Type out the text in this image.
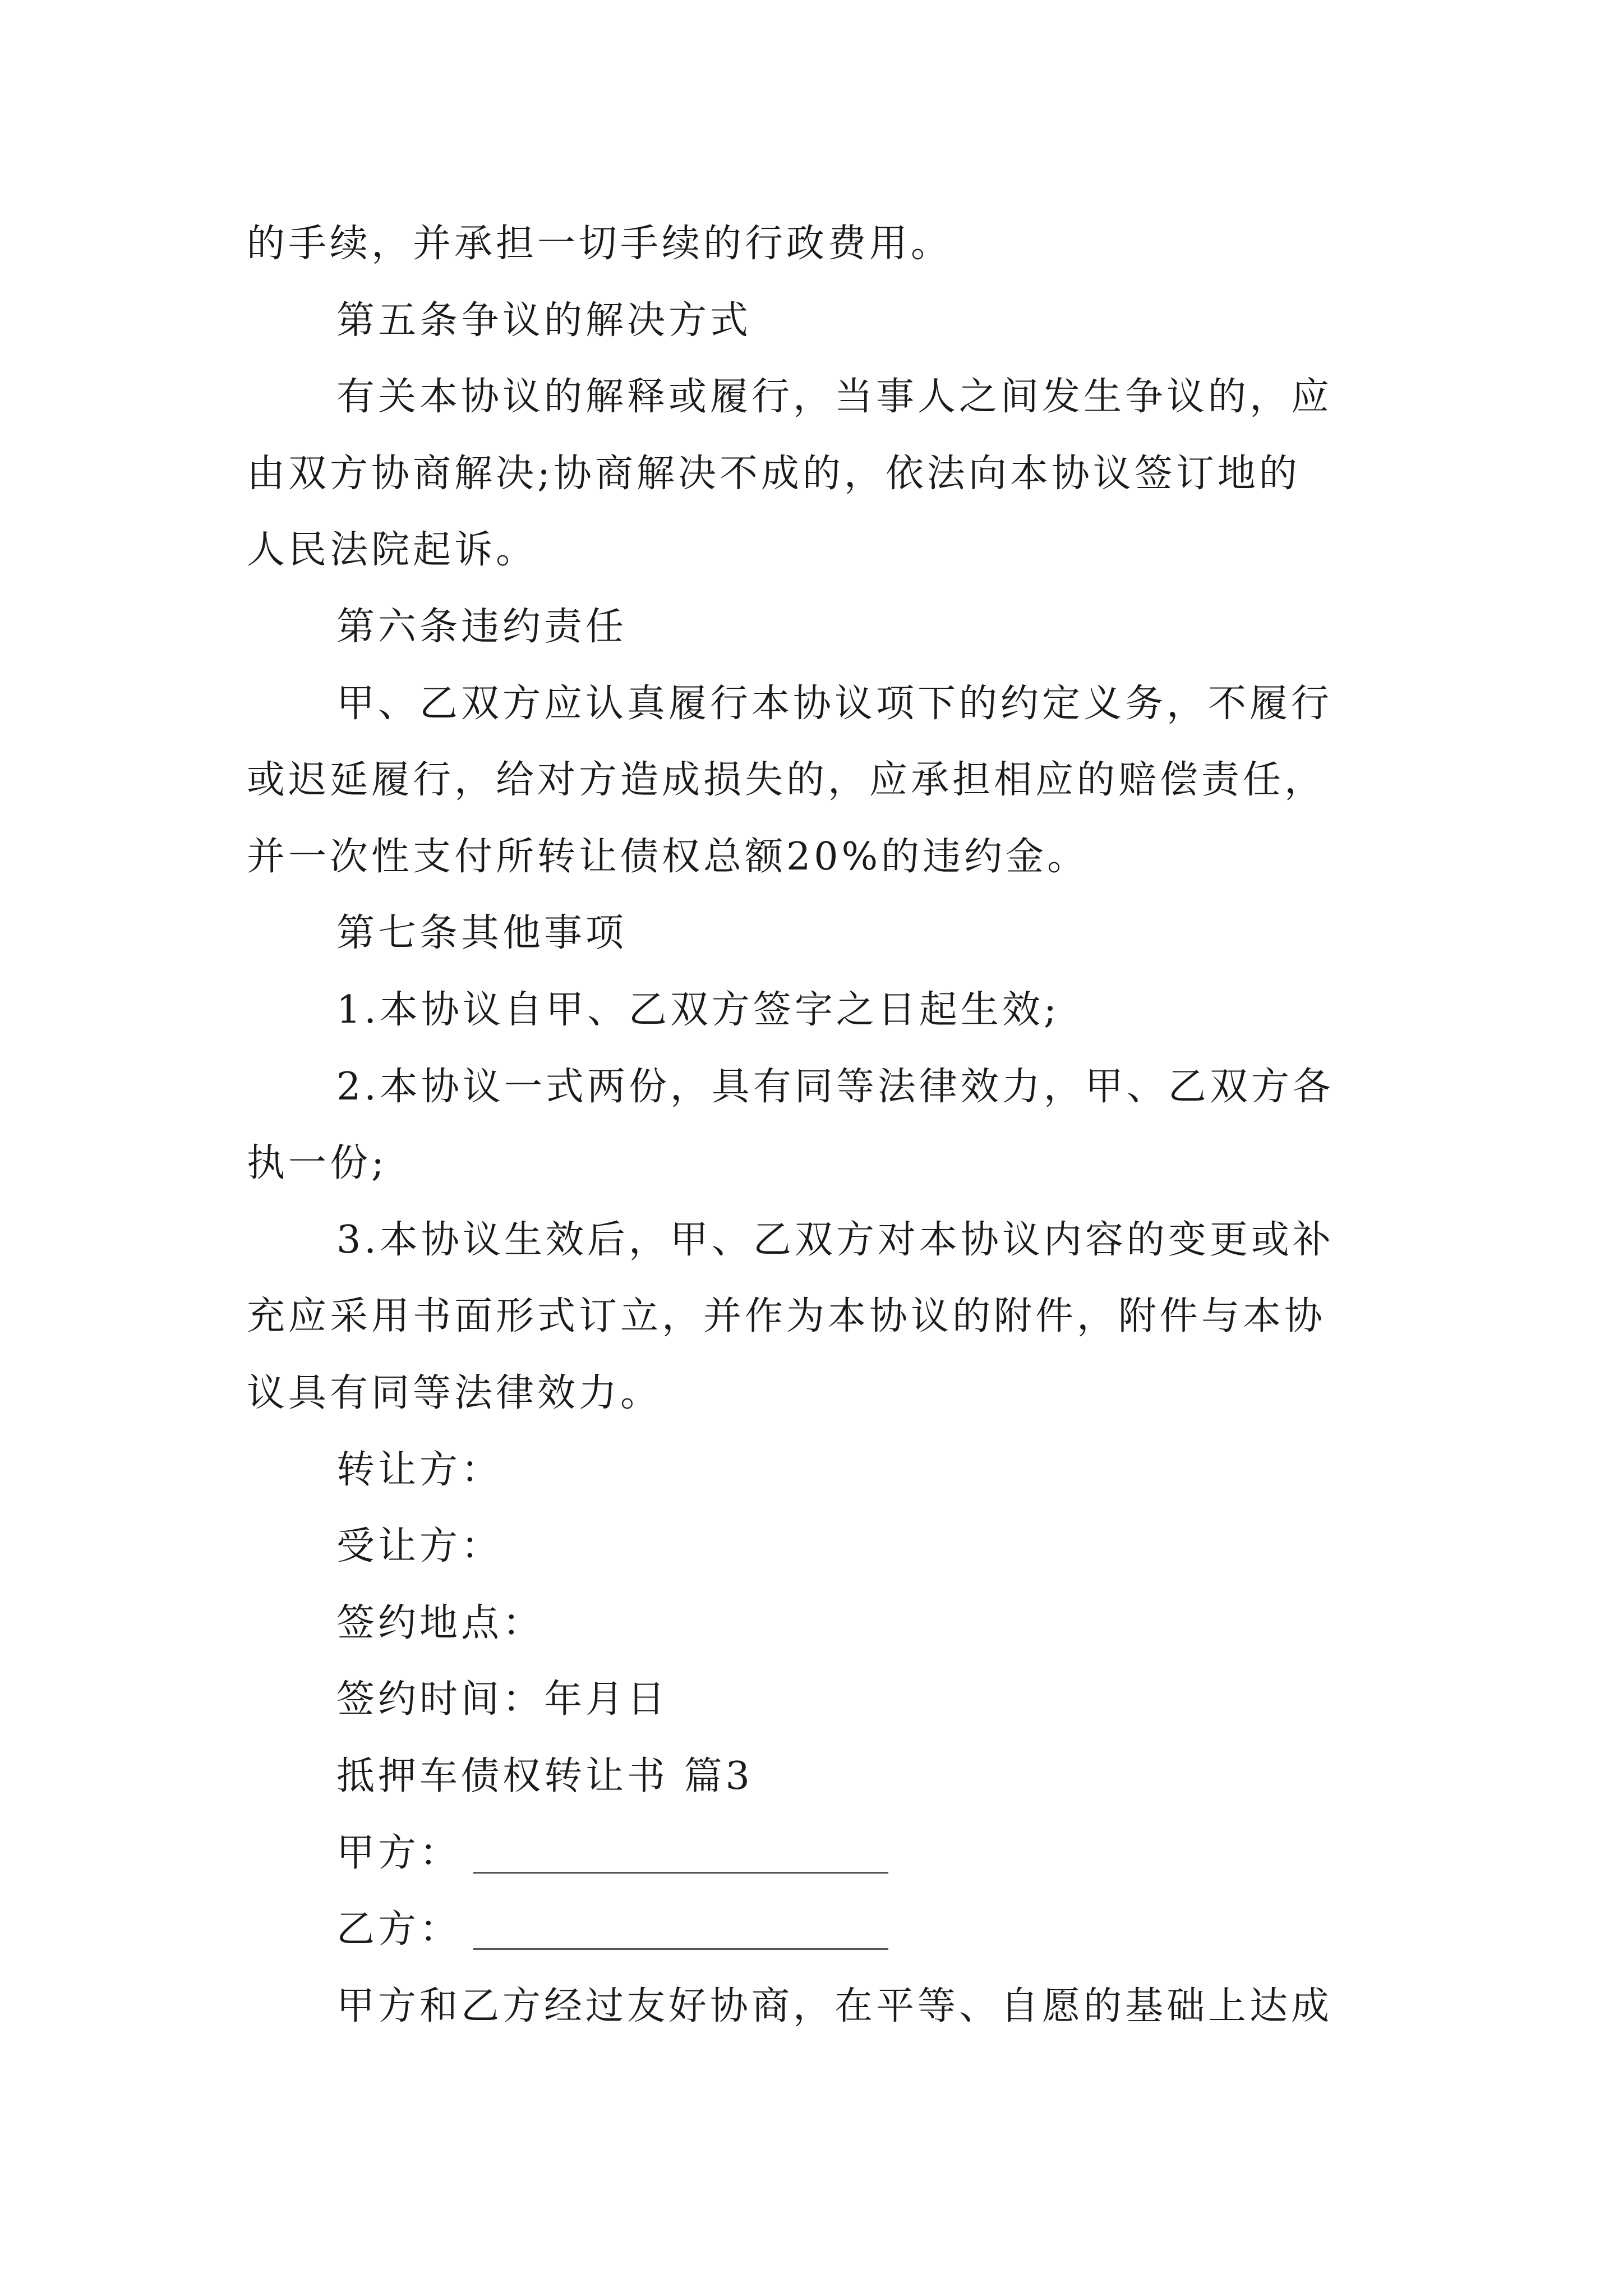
的手续，并承担一切手续的行政费用。
第五条争议的解决方式
有关本协议的解释或履行，当事人之间发生争议的，应
由双方协商解决;协商解决不成的，依法向本协议签订地的
人民法院起诉。
第六条违约责任
甲、乙双方应认真履行本协议项下的约定义务，不履行
或迟延履行，给对方造成损失的，应承担相应的赔偿责任，
并一次性支付所转让债权总额20%的违约金。
第七条其他事项
1.本协议自甲、乙双方签字之日起生效;
2.本协议一式两份，具有同等法律效力，甲、乙双方各
执一份;
3.本协议生效后，甲、乙双方对本协议内容的变更或补
充应采用书面形式订立，并作为本协议的附件，附件与本协
议具有同等法律效力。
转让方：
受让方：
签约地点：
签约时间：年月日
抵押车债权转让书 篇3
甲方：
乙方：
甲方和乙方经过友好协商，在平等、自愿的基础上达成
